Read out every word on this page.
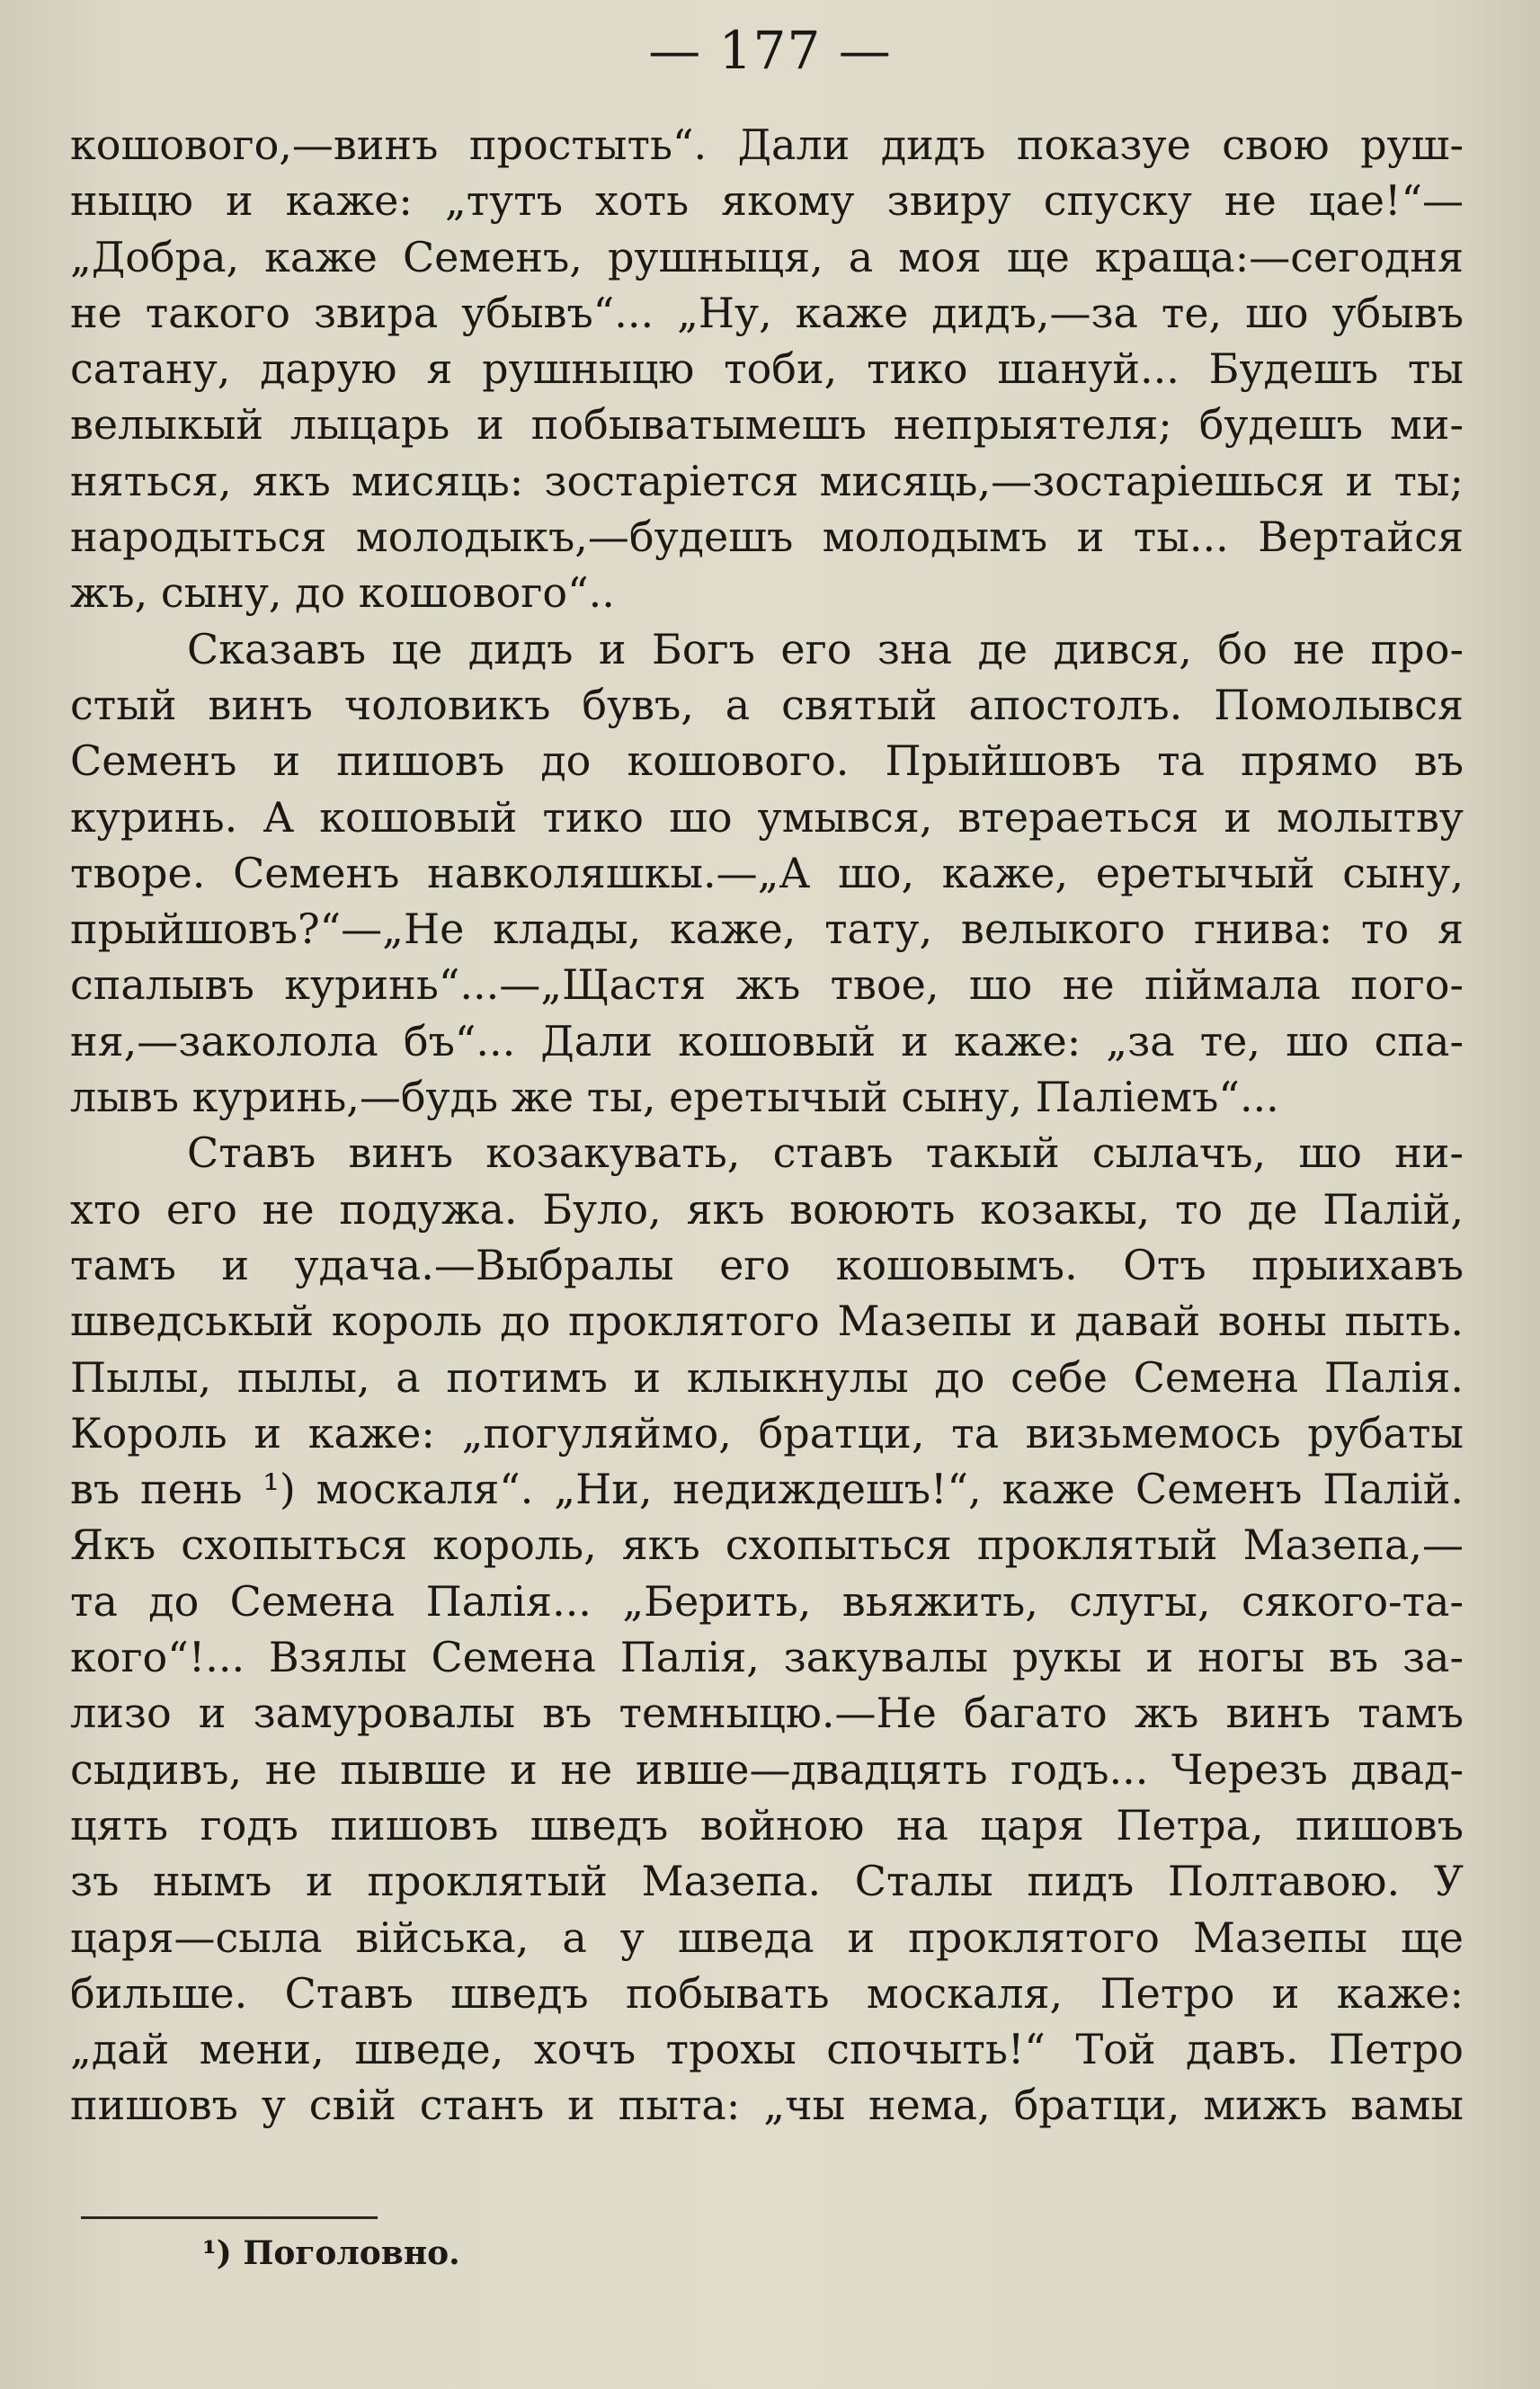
— 177 —
кошового,—винъ простыть“. Дали дидъ показуе свою руш-
ныцю и каже: „тутъ хоть якому звиру спуску не цае!“—
„Добра, каже Семенъ, рушныця, а моя ще краща:—сегодня
не такого звира убывъ“... „Ну, каже дидъ,—за те, шо убывъ
сатану, дарую я рушныцю тоби, тико шануй... Будешъ ты
велыкый лыцарь и побыватымешъ непрыятеля; будешъ ми-
няться, якъ мисяць: зостаріется мисяць,—зостаріешься и ты;
народыться молодыкъ,—будешъ молодымъ и ты... Вертайся
жъ, сыну, до кошового“..
Сказавъ це дидъ и Богъ его зна де дився, бо не про-
стый винъ чоловикъ бувъ, а святый апостолъ. Помолывся
Семенъ и пишовъ до кошового. Прыйшовъ та прямо въ
куринь. А кошовый тико шо умывся, втераеться и молытву
творе. Семенъ навколяшкы.—„А шо, каже, еретычый сыну,
прыйшовъ?“—„Не клады, каже, тату, велыкого гнива: то я
спалывъ куринь“...—„Щастя жъ твое, шо не піймала пого-
ня,—заколола бъ“... Дали кошовый и каже: „за те, шо спа-
лывъ куринь,—будь же ты, еретычый сыну, Паліемъ“...
Ставъ винъ козакувать, ставъ такый сылачъ, шо ни-
хто его не подужа. Було, якъ воюють козакы, то де Палій,
тамъ и удача.—Выбралы его кошовымъ. Отъ прыихавъ
шведськый король до проклятого Мазепы и давай воны пыть.
Пылы, пылы, а потимъ и клыкнулы до себе Семена Палія.
Король и каже: „погуляймо, братци, та визьмемось рубаты
въ пень ¹) москаля“. „Ни, недиждешъ!“, каже Семенъ Палій.
Якъ схопыться король, якъ схопыться проклятый Мазепа,—
та до Семена Палія... „Берить, вьяжить, слугы, сякого-та-
кого“!... Взялы Семена Палія, закувалы рукы и ногы въ за-
лизо и замуровалы въ темныцю.—Не багато жъ винъ тамъ
сыдивъ, не пывше и не ивше—двадцять годъ... Черезъ двад-
цять годъ пишовъ шведъ войною на царя Петра, пишовъ
зъ нымъ и проклятый Мазепа. Сталы пидъ Полтавою. У
царя—сыла війська, а у шведа и проклятого Мазепы ще
бильше. Ставъ шведъ побывать москаля, Петро и каже:
„дай мени, шведе, хочъ трохы спочыть!“ Той давъ. Петро
пишовъ у свій станъ и пыта: „чы нема, братци, мижъ вамы
¹) Поголовно.
